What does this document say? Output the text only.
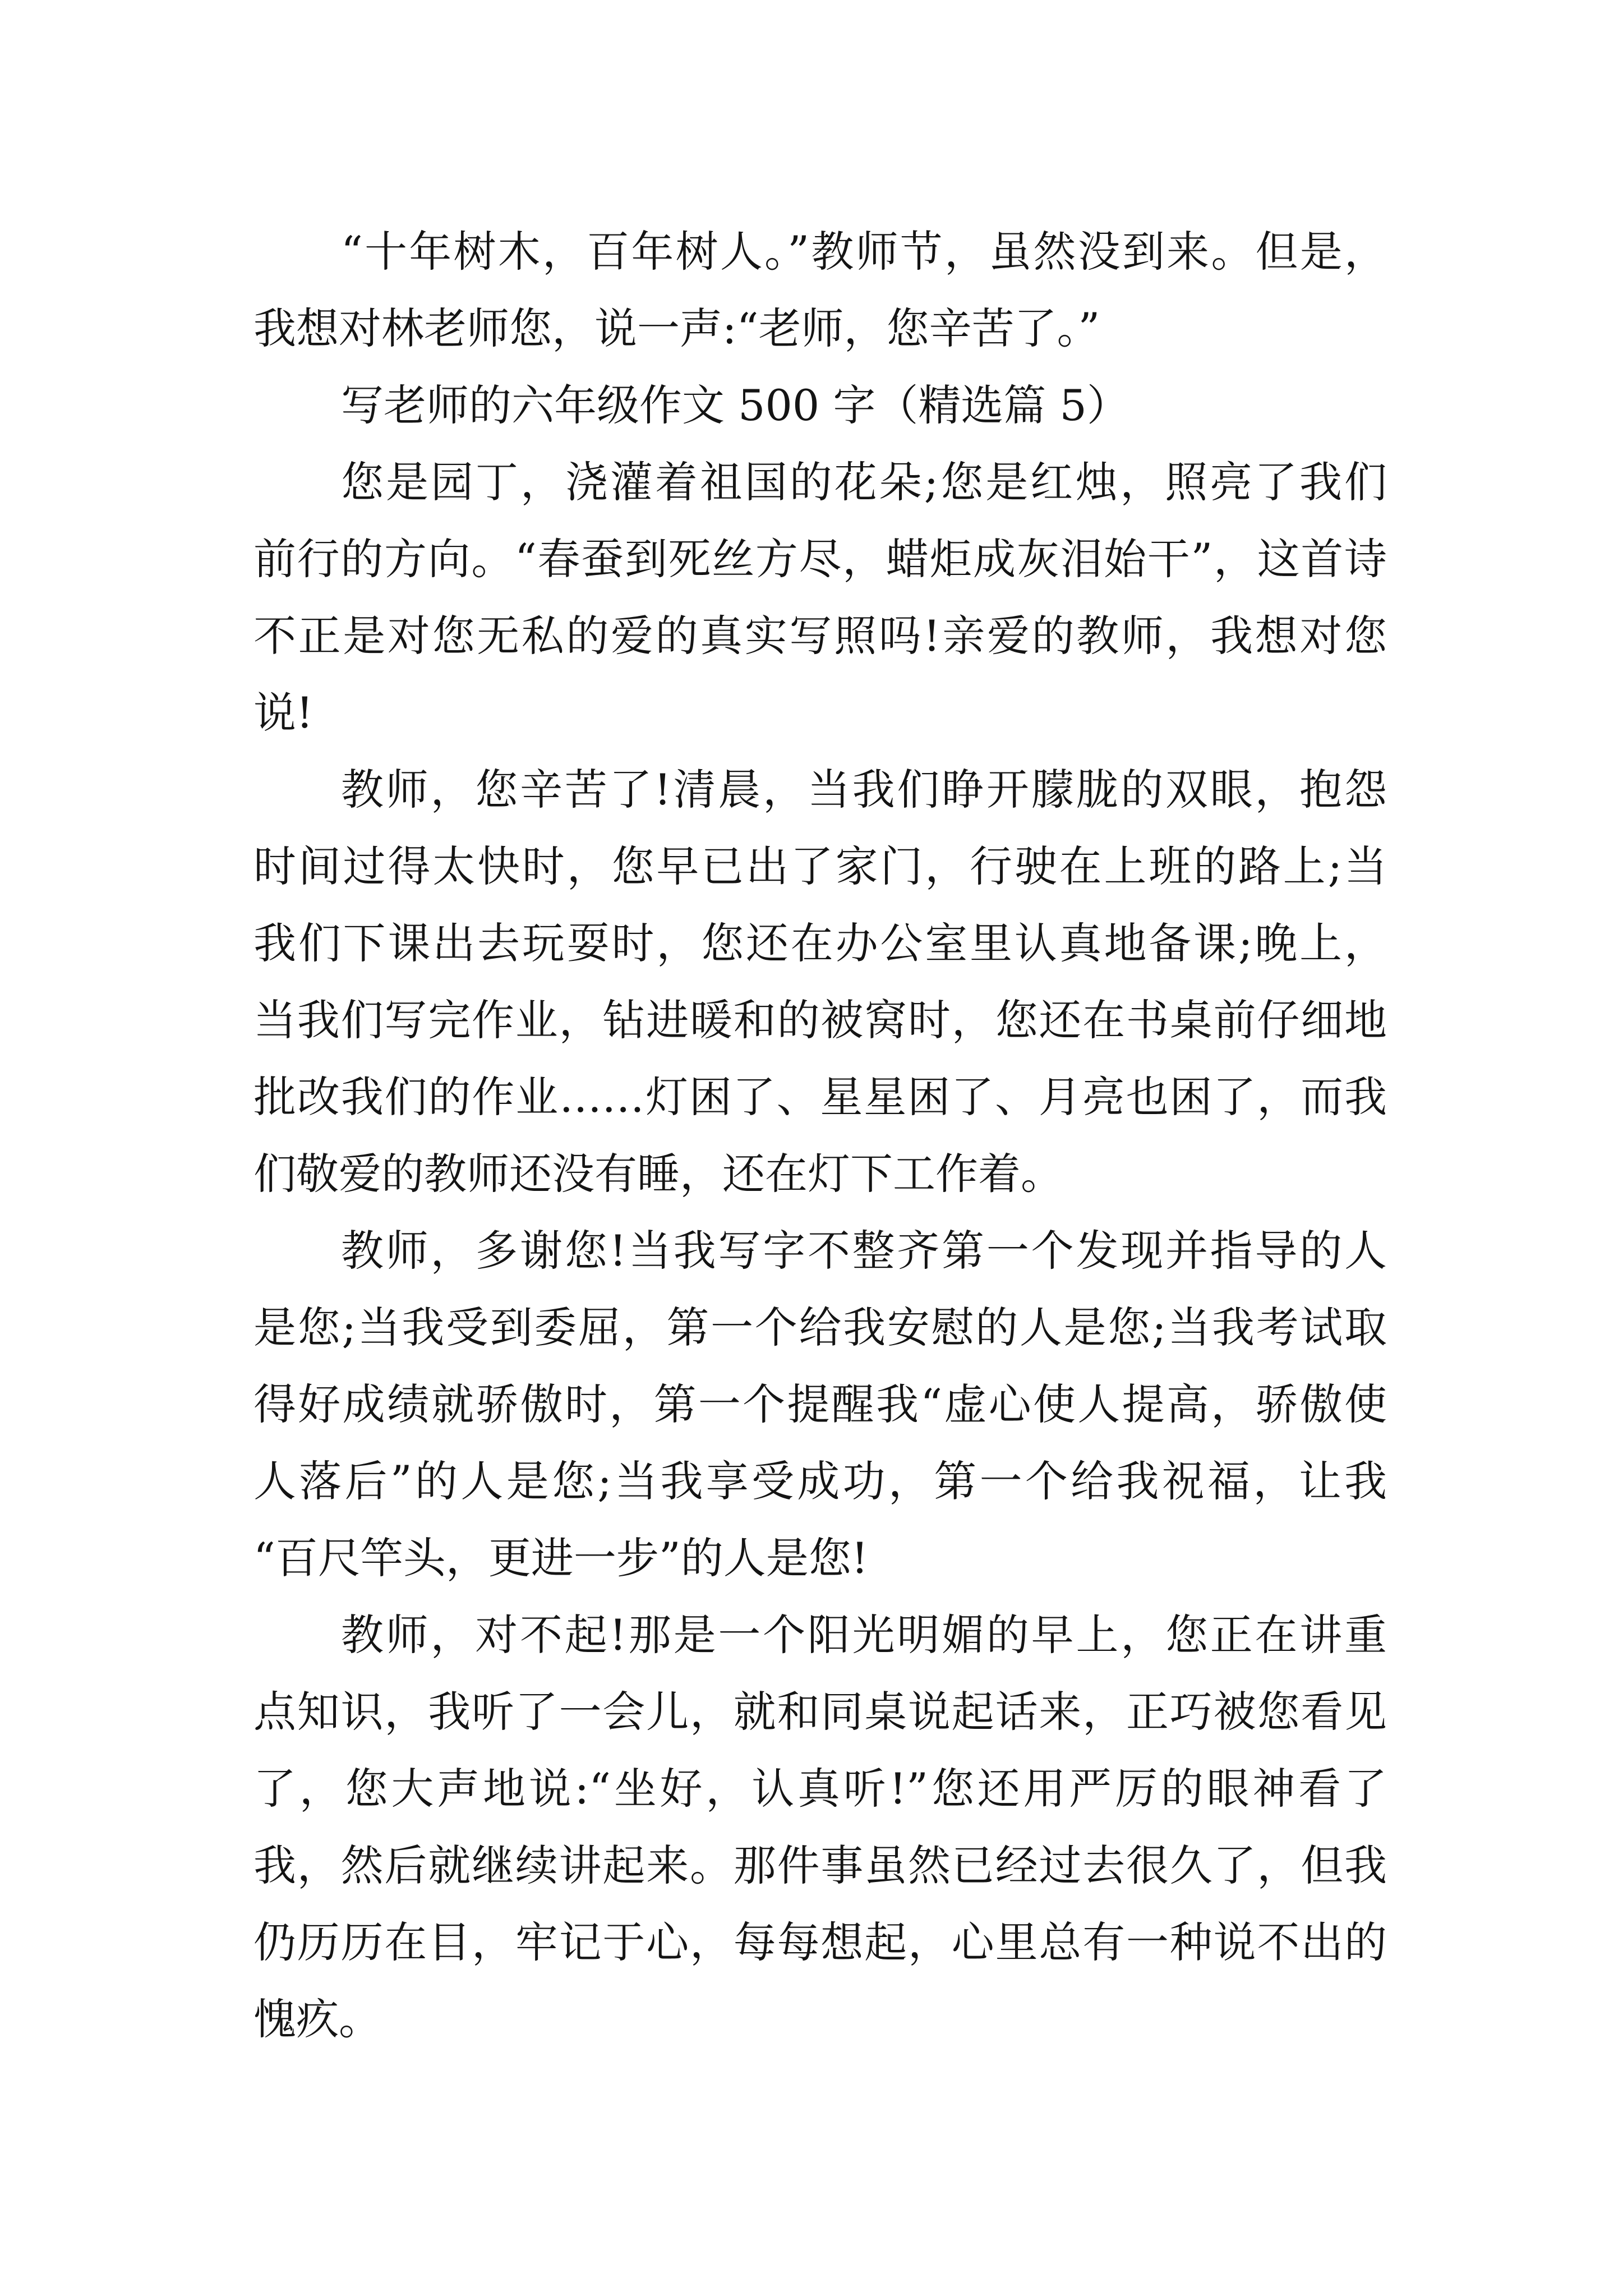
“十年树木，百年树人。”教师节，虽然没到来。但是，
我想对林老师您，说一声:“老师，您辛苦了。”
写老师的六年级作文 500 字（精选篇 5）
您是园丁，浇灌着祖国的花朵;您是红烛，照亮了我们
前行的方向。“春蚕到死丝方尽，蜡炬成灰泪始干”，这首诗
不正是对您无私的爱的真实写照吗!亲爱的教师，我想对您
说!
教师，您辛苦了!清晨，当我们睁开朦胧的双眼，抱怨
时间过得太快时，您早已出了家门，行驶在上班的路上;当
我们下课出去玩耍时，您还在办公室里认真地备课;晚上，
当我们写完作业，钻进暖和的被窝时，您还在书桌前仔细地
批改我们的作业……灯困了、星星困了、月亮也困了，而我
们敬爱的教师还没有睡，还在灯下工作着。
教师，多谢您!当我写字不整齐第一个发现并指导的人
是您;当我受到委屈，第一个给我安慰的人是您;当我考试取
得好成绩就骄傲时，第一个提醒我“虚心使人提高，骄傲使
人落后”的人是您;当我享受成功，第一个给我祝福，让我
“百尺竿头，更进一步”的人是您!
教师，对不起!那是一个阳光明媚的早上，您正在讲重
点知识，我听了一会儿，就和同桌说起话来，正巧被您看见
了，您大声地说:“坐好，认真听!”您还用严厉的眼神看了
我，然后就继续讲起来。那件事虽然已经过去很久了，但我
仍历历在目，牢记于心，每每想起，心里总有一种说不出的
愧疚。
